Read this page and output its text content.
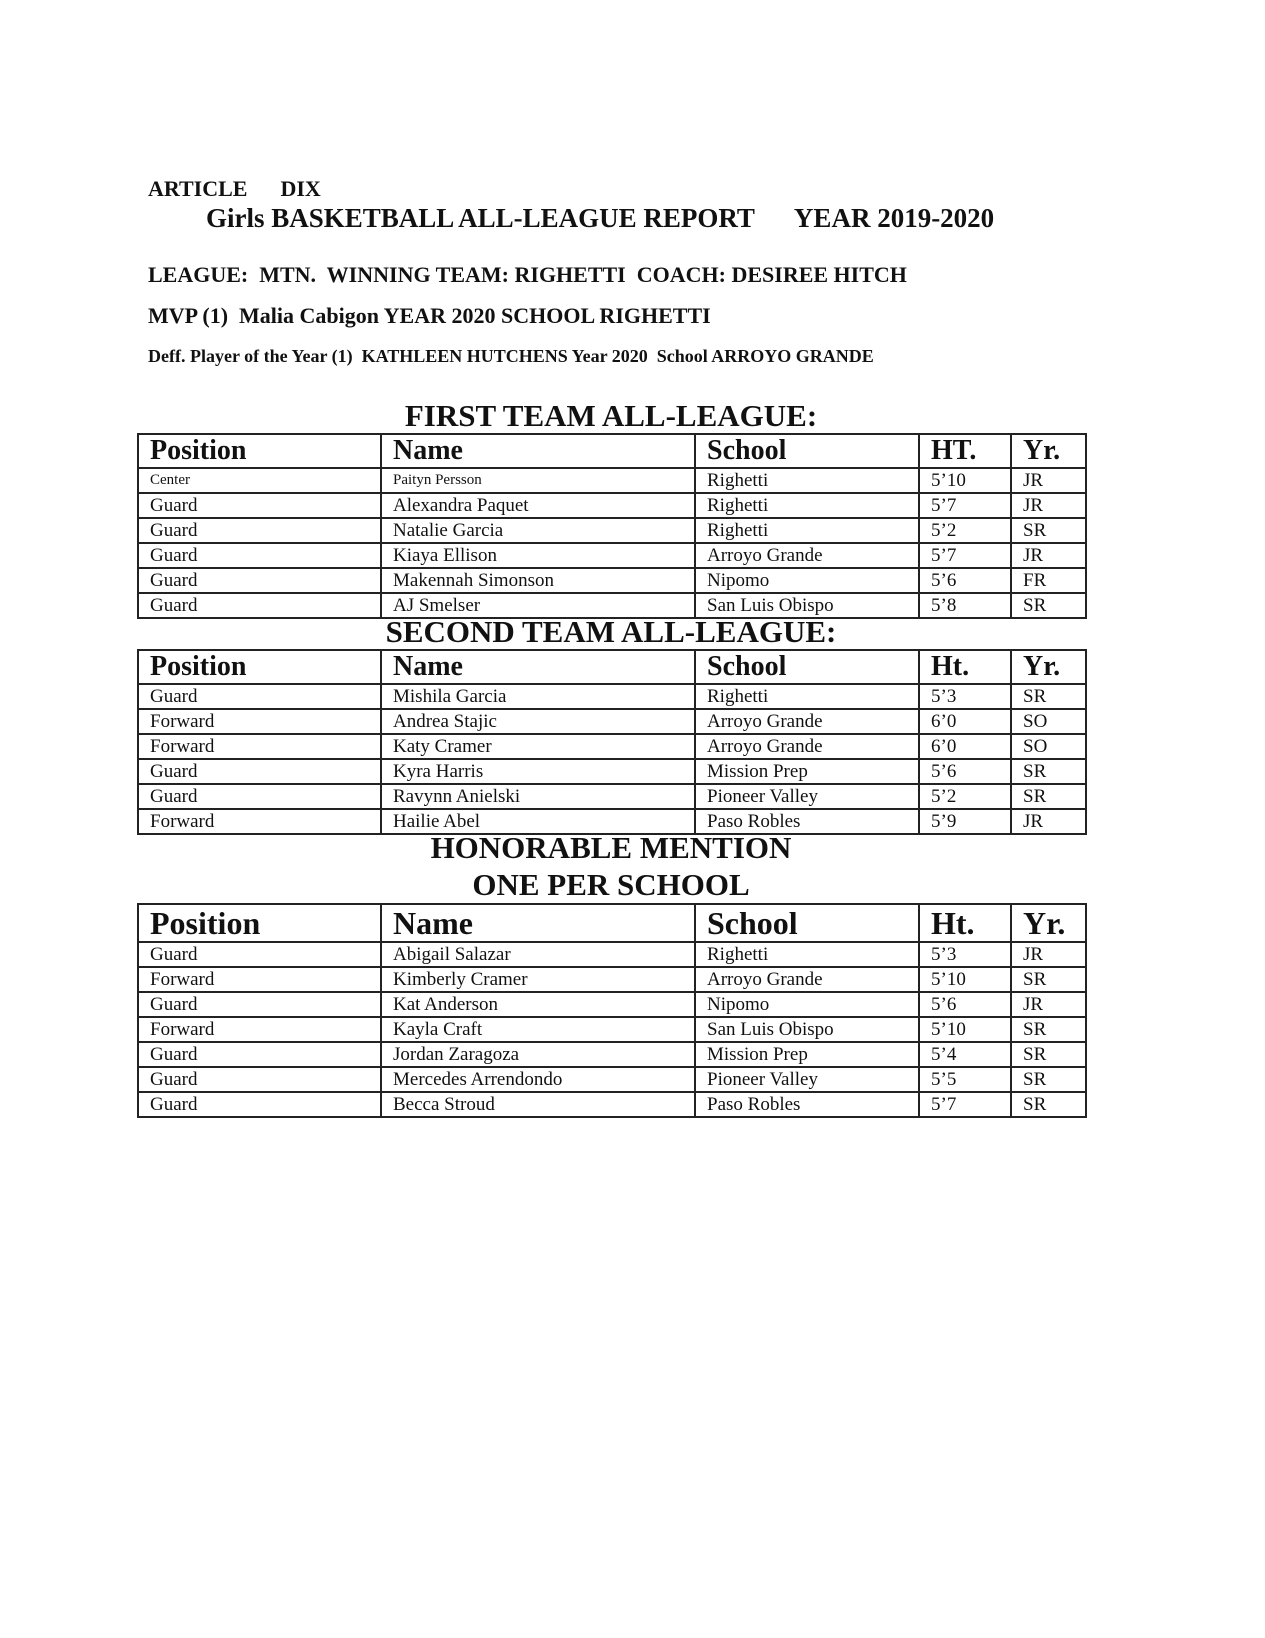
ARTICLE      DIX
Girls BASKETBALL ALL-LEAGUE REPORT      YEAR 2019-2020
LEAGUE:  MTN.  WINNING TEAM: RIGHETTI  COACH: DESIREE HITCH
MVP (1)  Malia Cabigon YEAR 2020 SCHOOL RIGHETTI
Deff. Player of the Year (1)  KATHLEEN HUTCHENS Year 2020  School ARROYO GRANDE
FIRST TEAM ALL-LEAGUE:
Position	Name	School	HT.	Yr.
Center	Paityn Persson	Righetti	5’10	JR
Guard	Alexandra Paquet	Righetti	5’7	JR
Guard	Natalie Garcia	Righetti	5’2	SR
Guard	Kiaya Ellison	Arroyo Grande	5’7	JR
Guard	Makennah Simonson	Nipomo	5’6	FR
Guard	AJ Smelser	San Luis Obispo	5’8	SR
SECOND TEAM ALL-LEAGUE:
Position	Name	School	Ht.	Yr.
Guard	Mishila Garcia	Righetti	5’3	SR
Forward	Andrea Stajic	Arroyo Grande	6’0	SO
Forward	Katy Cramer	Arroyo Grande	6’0	SO
Guard	Kyra Harris	Mission Prep	5’6	SR
Guard	Ravynn Anielski	Pioneer Valley	5’2	SR
Forward	Hailie Abel	Paso Robles	5’9	JR
HONORABLE MENTION
ONE PER SCHOOL
Position	Name	School	Ht.	Yr.
Guard	Abigail Salazar	Righetti	5’3	JR
Forward	Kimberly Cramer	Arroyo Grande	5’10	SR
Guard	Kat Anderson	Nipomo	5’6	JR
Forward	Kayla Craft	San Luis Obispo	5’10	SR
Guard	Jordan Zaragoza	Mission Prep	5’4	SR
Guard	Mercedes Arrendondo	Pioneer Valley	5’5	SR
Guard	Becca Stroud	Paso Robles	5’7	SR
